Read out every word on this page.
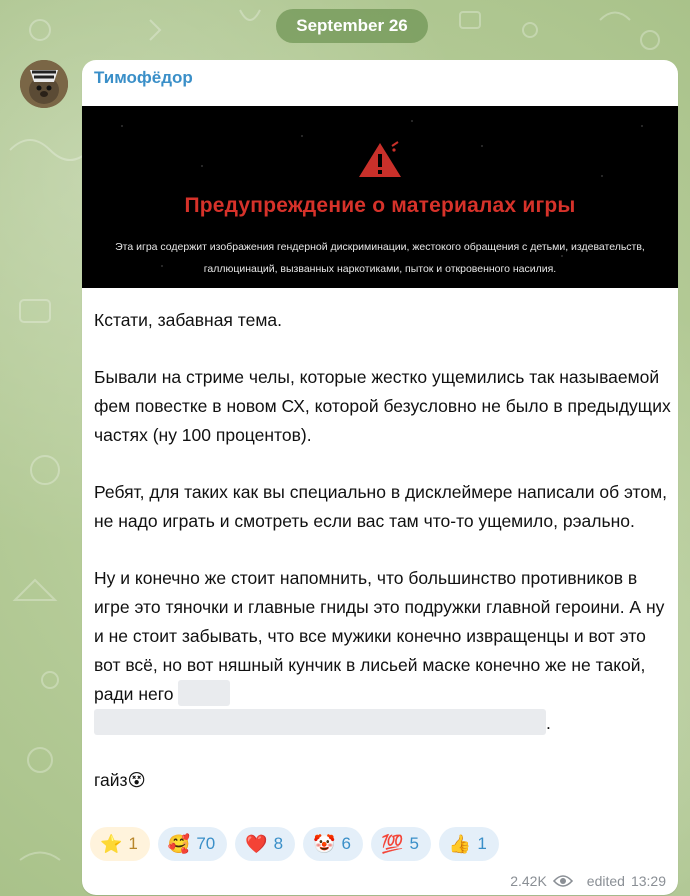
September 26
Тимофёдор
Предупреждение о материалах игры
Эта игра содержит изображения гендерной дискриминации, жестокого обращения с детьми, издевательств,
галлюцинаций, вызванных наркотиками, пыток и откровенного насилия.

Кстати, забавная тема.

Бывали на стриме челы, которые жестко ущемились так называемой фем повестке в новом СХ, которой безусловно не было в предыдущих частях (ну 100 процентов).

Ребят, для таких как вы специально в дисклеймере написали об этом, не надо играть и смотреть если вас там что-то ущемило, рэально.

Ну и конечно же стоит напомнить, что большинство противников в игре это тяночки и главные гниды это подружки главной героини. А ну и не стоит забывать, что все мужики конечно извращенцы и вот это вот всё, но вот няшный кунчик в лисьей маске конечно же не такой, ради него  .

гайз😵

⭐ 1 🥰 70 ❤️ 8 🤡 6 💯 5 👍 1
2.42K	edited 13:29
